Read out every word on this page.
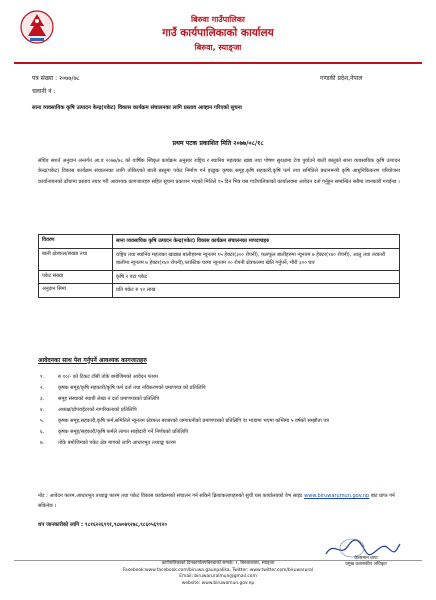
बिरुवा गाउँपालिका
गाउँ कार्यपालिकाको कार्यालय
बिरुवा, स्याङ्जा
पत्र संख्या : २०७७/७८
चलानी नं :
गण्डकी प्रदेश,नेपाल
साना व्यवसायिक कृषि उत्पादन केन्द्र(पकेट) विकास कार्यक्रम संचालनका लागि प्रस्ताव आव्हान गरिएको सुचना
प्रथम पटक प्रकाशित मिति २०७७/०८/१८
संघिय सशर्त अनुदान अन्तर्गत आ.व २०७७/७८ को वार्षिक स्विकृत कार्यक्रम अनुसार राष्ट्रिय र स्थानिय महत्वका खाद्य तथा पोषण सुरक्षामा टेवा पुर्याउने बाली बस्तुको साना व्यवसायिक कृषि उत्पादन केन्द्र(पकेट) विकास कार्यक्रम संचालनका लागि तोकिएको बाली बस्तुमा पकेट निर्माण गर्न इच्छुक कृषक समूह,कृषि सहकारी,कृषि फर्म तथा समितिले प्रधानमन्त्री कृषि आधुनिकिकरण परियोजना कार्यान्वयनको ढाँचामा प्रस्ताव तयार गरी आवश्यक कागजातहरु सहित सूचना प्रकाशन भएको मितिले १५ दिन भित्र यस गाउँपालिकाको कार्यालयमा आवेदन दर्ता गर्नुहुन सम्बन्धित सबैमा जानकारी गराईन्छ ।
विवरण	साना व्यवसायिक कृषि उत्पादन केन्द्र(पकेट) विकास कार्यक्रम संचालनका मापदण्डहरु
बाली क्षेत्रफल/संख्या तथा	राष्ट्रिय तथा स्थानिय महत्वका खाद्यान्न बालीहरुमा न्यूनतम १५ हेक्टर(३०० रोपनी), फलफूल बालीहरुमा न्यूनतम ७ हेक्टर(१४० रोपनी), आलु तथा तरकारी बालीमा न्यूनतम ७ हेक्टर(१४० रोपनी),प्लास्टिक घरमा न्यूनतम २० रोपनी क्षेत्रफलमा खेति गर्नुपर्ने, मौरी ३०० घार
पकेट संख्या	कृषि २ वटा पकेट
अनुदान सिमा	प्रति पकेट रु १२ लाख
आवेदनका साथ पेश गर्नुपर्ने आवश्यक कागजातहरु
१.	रु १०/- को टिकट टाँसी तोके बमोजिमको आवेदन फारम
२.	कृषक समूह/कृषि सहकारी/कृषि फर्म दर्ता तथा नविकरणको प्रमाणपत्र को प्रतिलिपि
३.	समूह संस्थाको स्थायी लेखा नं दर्ता प्रमाणपत्रको प्रतिलिपि
४.	अध्यक्ष/प्रोपराईटरको नागरिकताको प्रतिलिपि
५.	कृषक समूह,सहकारी,कृषि फर्म,समितिले न्यूनतम क्षेत्रफल बराबरको जग्गाधनीको प्रमाणपत्रको प्रतिलिपि वा भाडामा भएमा कम्तिमा ५ वर्षको सम्झौता पत्र
६.	कृषक समूह/सहकारी/कृषि फर्मले लागत साझेदारी गर्ने निर्णयको प्रतिलिपि
७.	तोके बमोजिमको पकेट क्षेत्र मागको लागि आधारभूत तथ्याङ्क फारम
नोट : आवेदन फारम,आधारभूत तथ्याङ्क फारम तथा पकेट विकास कार्यक्रमको संचालन गर्न सकिने क्रियाकलापहरुको सुची यस कार्यालयको वेभ साइट www.biruwarumun.gov.np बाट प्राप्त गर्न सकिनेछ ।
थप जानकारीको लागि : ९८१६२२६९९१,९८७०७९२७८,९८६०५६९१२०
केशरमान थापा
प्रमुख प्रशासकीय अधिकृत
कार्यपालिकाको दिनकार्यालयबिरुवाको सम्पर्क: १, बिरुवाबजार, स्याङ्जा
Facebook:www.facebook.com/biruwa.gaunpalika, Twitter: www.twitter.com/biruwarural
Email: biruwaruralmun@gmail.com
website: www.biruwamun.gov.np
